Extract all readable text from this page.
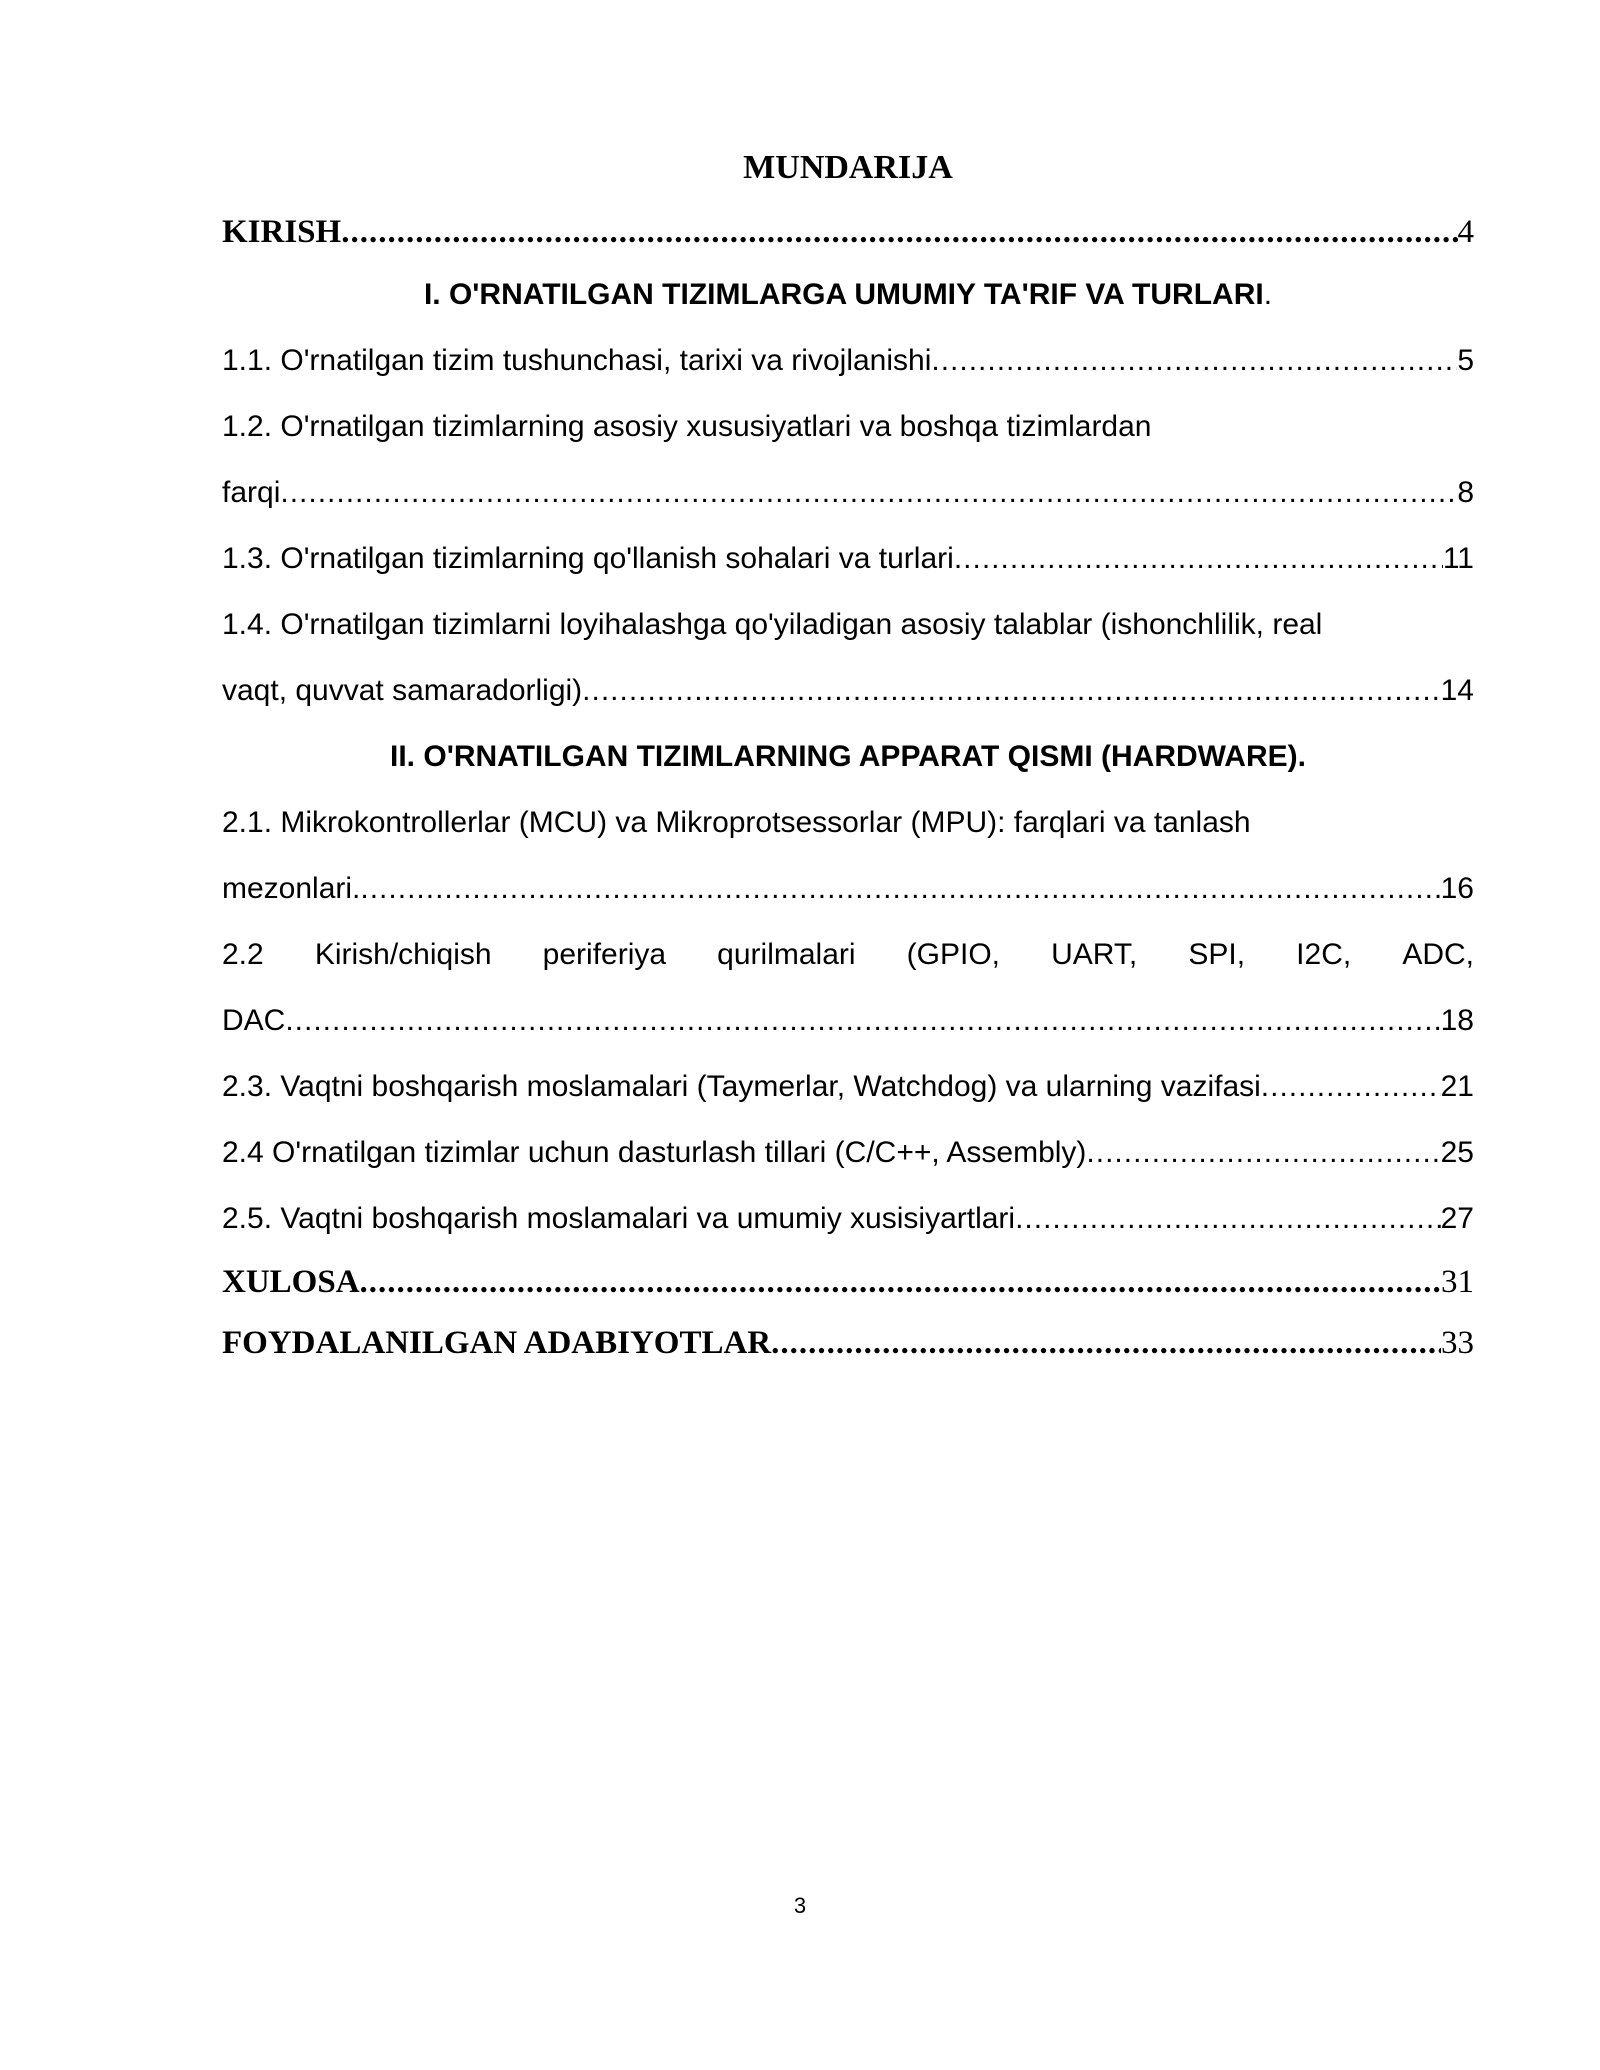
MUNDARIJA
KIRISH .....	4
I. O'RNATILGAN TIZIMLARGA UMUMIY TA'RIF VA TURLARI.
1.1. O'rnatilgan tizim tushunchasi, tarixi va rivojlanishi .....	5
1.2. O'rnatilgan tizimlarning asosiy xususiyatlari va boshqa tizimlardan
farqi .....	8
1.3. O'rnatilgan tizimlarning qo'llanish sohalari va turlari .....	11
1.4. O'rnatilgan tizimlarni loyihalashga qo'yiladigan asosiy talablar (ishonchlilik, real
vaqt, quvvat samaradorligi) .....	14
II. O'RNATILGAN TIZIMLARNING APPARAT QISMI (HARDWARE).
2.1. Mikrokontrollerlar (MCU) va Mikroprotsessorlar (MPU): farqlari va tanlash
mezonlari. .....	16
2.2 Kirish/chiqish periferiya qurilmalari (GPIO, UART, SPI, I2C, ADC,
DAC .....	18
2.3. Vaqtni boshqarish moslamalari (Taymerlar, Watchdog) va ularning vazifasi .....	21
2.4 O'rnatilgan tizimlar uchun dasturlash tillari (C/C++, Assembly) .....	25
2.5. Vaqtni boshqarish moslamalari va umumiy xusisiyartlari .....	27
XULOSA .....	31
FOYDALANILGAN ADABIYOTLAR .....	33
3
